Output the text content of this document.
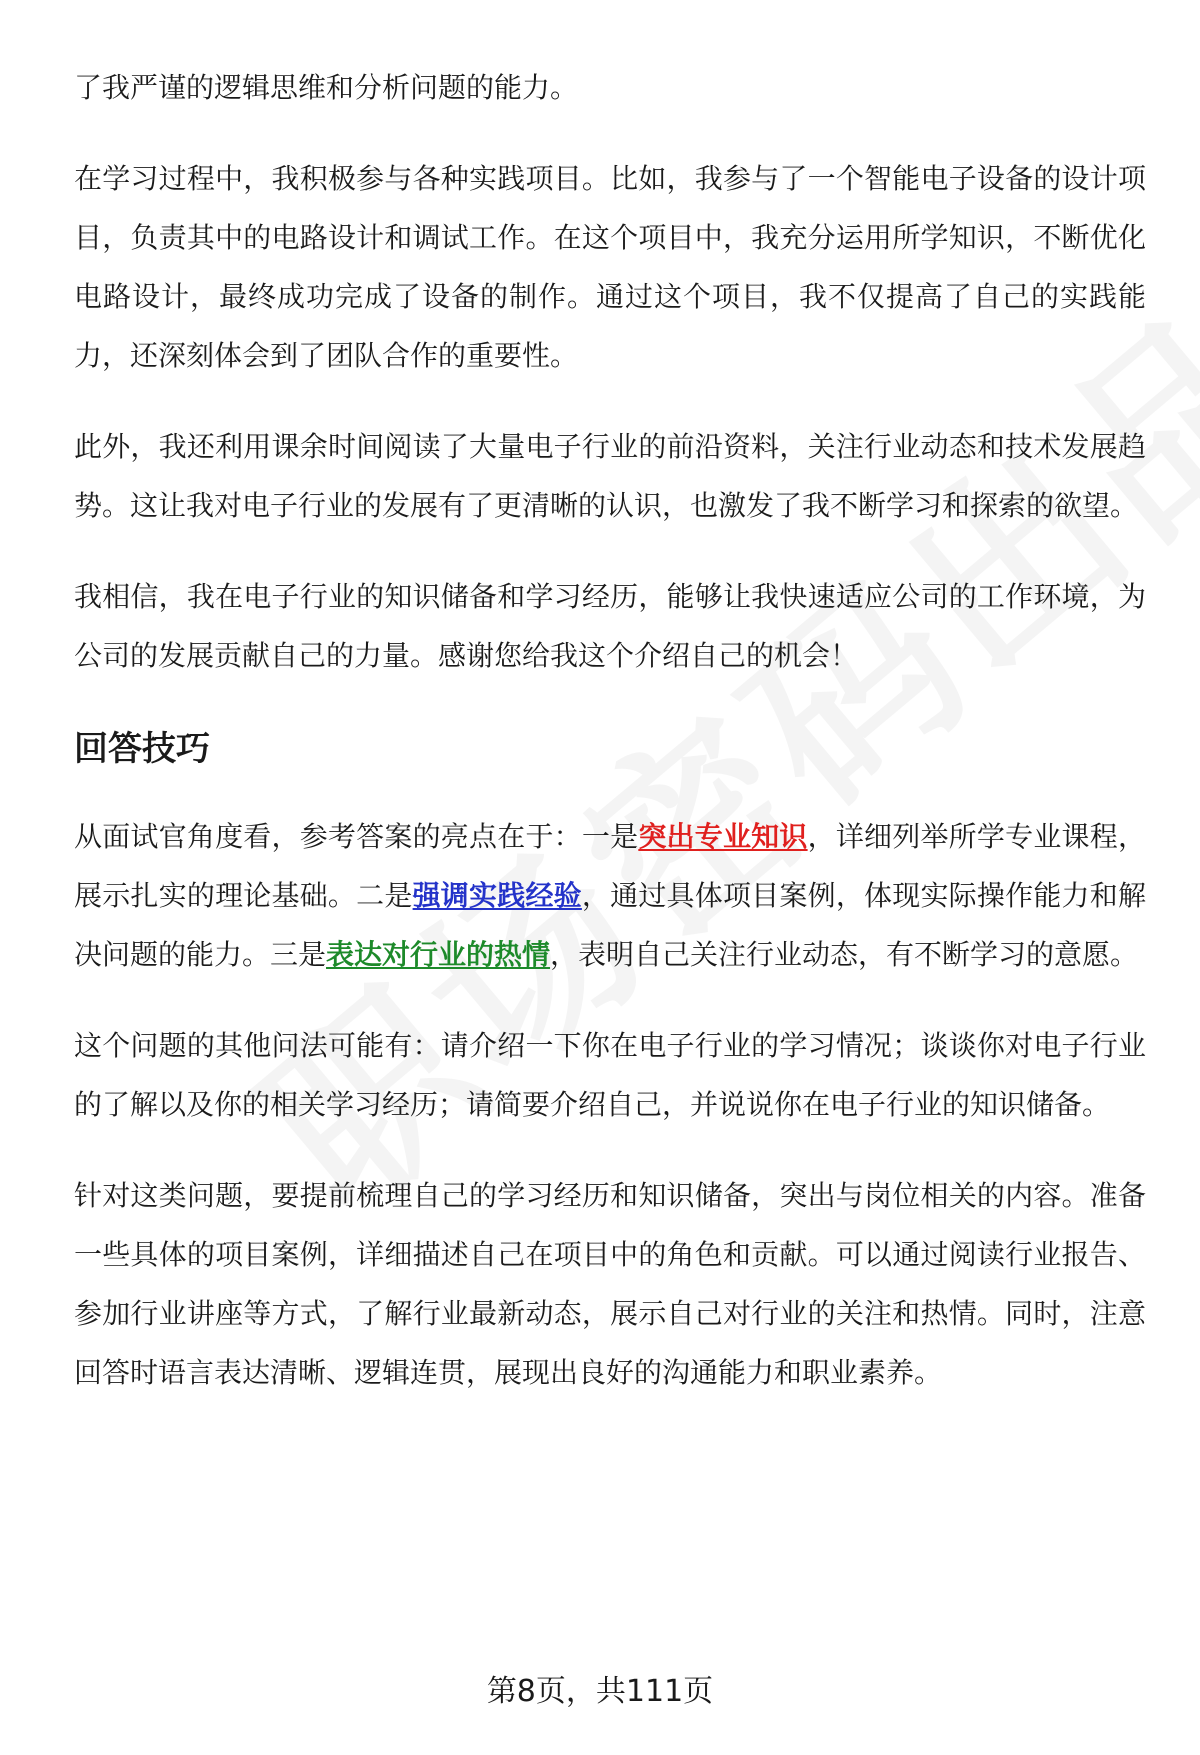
了我严谨的逻辑思维和分析问题的能力。

在学习过程中，我积极参与各种实践项目。比如，我参与了一个智能电子设备的设计项目，负责其中的电路设计和调试工作。在这个项目中，我充分运用所学知识，不断优化电路设计，最终成功完成了设备的制作。通过这个项目，我不仅提高了自己的实践能力，还深刻体会到了团队合作的重要性。

此外，我还利用课余时间阅读了大量电子行业的前沿资料，关注行业动态和技术发展趋势。这让我对电子行业的发展有了更清晰的认识，也激发了我不断学习和探索的欲望。

我相信，我在电子行业的知识储备和学习经历，能够让我快速适应公司的工作环境，为公司的发展贡献自己的力量。感谢您给我这个介绍自己的机会！

回答技巧

从面试官角度看，参考答案的亮点在于：一是突出专业知识，详细列举所学专业课程，展示扎实的理论基础。二是强调实践经验，通过具体项目案例，体现实际操作能力和解决问题的能力。三是表达对行业的热情，表明自己关注行业动态，有不断学习的意愿。

这个问题的其他问法可能有：请介绍一下你在电子行业的学习情况；谈谈你对电子行业的了解以及你的相关学习经历；请简要介绍自己，并说说你在电子行业的知识储备。

针对这类问题，要提前梳理自己的学习经历和知识储备，突出与岗位相关的内容。准备一些具体的项目案例，详细描述自己在项目中的角色和贡献。可以通过阅读行业报告、参加行业讲座等方式，了解行业最新动态，展示自己对行业的关注和热情。同时，注意回答时语言表达清晰、逻辑连贯，展现出良好的沟通能力和职业素养。

第8页，共111页
